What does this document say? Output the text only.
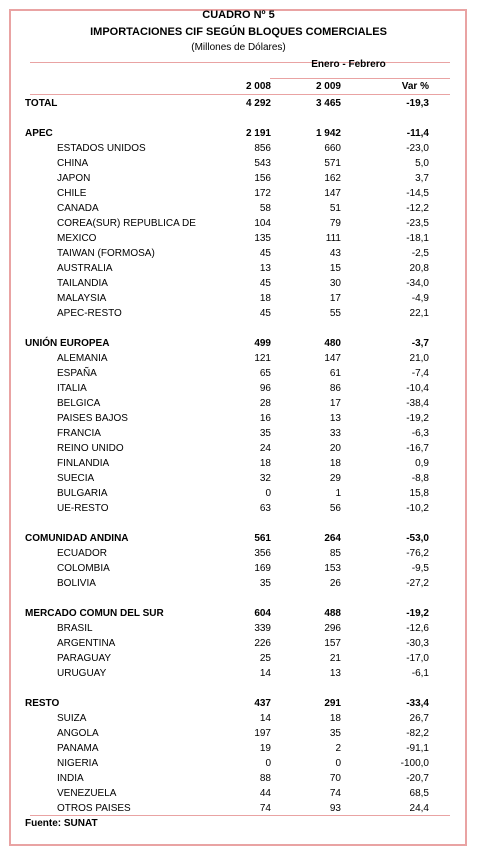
CUADRO Nº 5
IMPORTACIONES CIF SEGÚN BLOQUES COMERCIALES
(Millones de Dólares)
Enero - Febrero
2 008	2 009	Var %
TOTAL	4 292	3 465	-19,3
APEC	2 191	1 942	-11,4
ESTADOS UNIDOS	856	660	-23,0
CHINA	543	571	5,0
JAPON	156	162	3,7
CHILE	172	147	-14,5
CANADA	58	51	-12,2
COREA(SUR) REPUBLICA DE	104	79	-23,5
MEXICO	135	111	-18,1
TAIWAN (FORMOSA)	45	43	-2,5
AUSTRALIA	13	15	20,8
TAILANDIA	45	30	-34,0
MALAYSIA	18	17	-4,9
APEC-RESTO	45	55	22,1
UNIÓN EUROPEA	499	480	-3,7
ALEMANIA	121	147	21,0
ESPAÑA	65	61	-7,4
ITALIA	96	86	-10,4
BELGICA	28	17	-38,4
PAISES BAJOS	16	13	-19,2
FRANCIA	35	33	-6,3
REINO UNIDO	24	20	-16,7
FINLANDIA	18	18	0,9
SUECIA	32	29	-8,8
BULGARIA	0	1	15,8
UE-RESTO	63	56	-10,2
COMUNIDAD ANDINA	561	264	-53,0
ECUADOR	356	85	-76,2
COLOMBIA	169	153	-9,5
BOLIVIA	35	26	-27,2
MERCADO COMUN DEL SUR	604	488	-19,2
BRASIL	339	296	-12,6
ARGENTINA	226	157	-30,3
PARAGUAY	25	21	-17,0
URUGUAY	14	13	-6,1
RESTO	437	291	-33,4
SUIZA	14	18	26,7
ANGOLA	197	35	-82,2
PANAMA	19	2	-91,1
NIGERIA	0	0	-100,0
INDIA	88	70	-20,7
VENEZUELA	44	74	68,5
OTROS PAISES	74	93	24,4
Fuente: SUNAT
